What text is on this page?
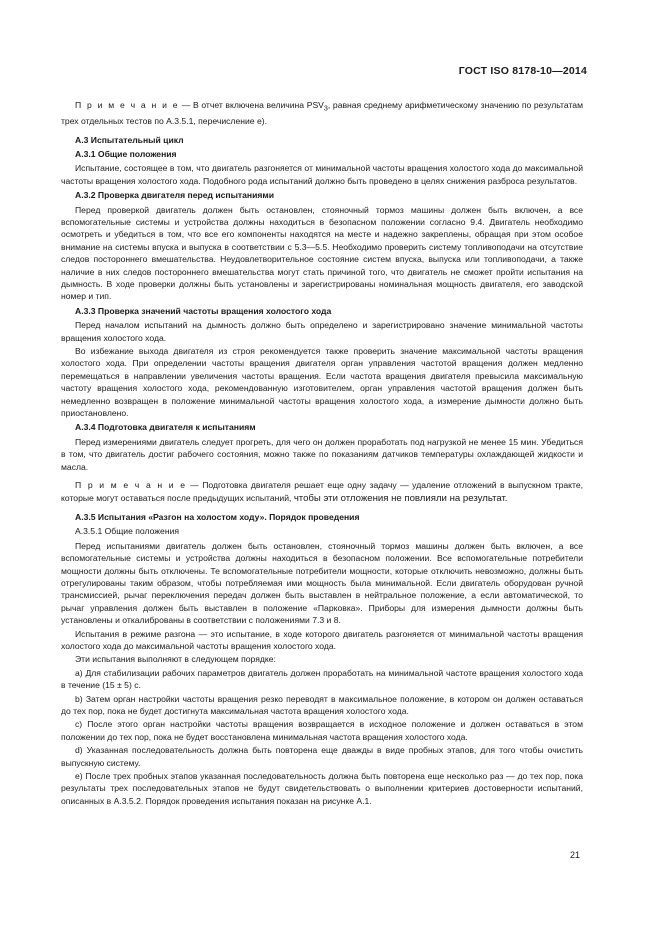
ГОСТ ISO 8178-10—2014

П р и м е ч а н и е — В отчет включена величина $PSV_3$, равная среднему арифметическому значению по результатам трех отдельных тестов по А.3.5.1, перечисление е).

А.3 Испытательный цикл

А.3.1 Общие положения

Испытание, состоящее в том, что двигатель разгоняется от минимальной частоты вращения холостого хода до максимальной частоты вращения холостого хода. Подобного рода испытаний должно быть проведено в целях снижения разброса результатов.

А.3.2 Проверка двигателя перед испытаниями

Перед проверкой двигатель должен быть остановлен, стояночный тормоз машины должен быть включен, а все вспомогательные системы и устройства должны находиться в безопасном положении согласно 9.4. Двигатель необходимо осмотреть и убедиться в том, что все его компоненты находятся на месте и надежно закреплены, обращая при этом особое внимание на системы впуска и выпуска в соответствии с 5.3—5.5. Необходимо проверить систему топливоподачи на отсутствие следов постороннего вмешательства. Неудовлетворительное состояние систем впуска, выпуска или топливоподачи, а также наличие в них следов постороннего вмешательства могут стать причиной того, что двигатель не сможет пройти испытания на дымность. В ходе проверки должны быть установлены и зарегистрированы номинальная мощность двигателя, его заводской номер и тип.

А.3.3 Проверка значений частоты вращения холостого хода

Перед началом испытаний на дымность должно быть определено и зарегистрировано значение минимальной частоты вращения холостого хода.

Во избежание выхода двигателя из строя рекомендуется также проверить значение максимальной частоты вращения холостого хода. При определении частоты вращения двигателя орган управления частотой вращения должен медленно перемещаться в направлении увеличения частоты вращения. Если частота вращения двигателя превысила максимальную частоту вращения холостого хода, рекомендованную изготовителем, орган управления частотой вращения должен быть немедленно возвращен в положение минимальной частоты вращения холостого хода, а измерение дымности должно быть приостановлено.

А.3.4 Подготовка двигателя к испытаниям

Перед измерениями двигатель следует прогреть, для чего он должен проработать под нагрузкой не менее 15 мин. Убедиться в том, что двигатель достиг рабочего состояния, можно также по показаниям датчиков температуры охлаждающей жидкости и масла.

П р и м е ч а н и е — Подготовка двигателя решает еще одну задачу — удаление отложений в выпускном тракте, которые могут оставаться после предыдущих испытаний, чтобы эти отложения не повлияли на результат.

А.3.5 Испытания «Разгон на холостом ходу». Порядок проведения

А.3.5.1 Общие положения

Перед испытаниями двигатель должен быть остановлен, стояночный тормоз машины должен быть включен, а все вспомогательные системы и устройства должны находиться в безопасном положении. Все вспомогательные потребители мощности должны быть отключены. Те вспомогательные потребители мощности, которые отключить невозможно, должны быть отрегулированы таким образом, чтобы потребляемая ими мощность была минимальной. Если двигатель оборудован ручной трансмиссией, рычаг переключения передач должен быть выставлен в нейтральное положение, а если автоматической, то рычаг управления должен быть выставлен в положение «Парковка». Приборы для измерения дымности должны быть установлены и откалиброваны в соответствии с положениями 7.3 и 8.

Испытания в режиме разгона — это испытание, в ходе которого двигатель разгоняется от минимальной частоты вращения холостого хода до максимальной частоты вращения холостого хода.

Эти испытания выполняют в следующем порядке:

а) Для стабилизации рабочих параметров двигатель должен проработать на минимальной частоте вращения холостого хода в течение (15 ± 5) с.

b) Затем орган настройки частоты вращения резко переводят в максимальное положение, в котором он должен оставаться до тех пор, пока не будет достигнута максимальная частота вращения холостого хода.

с) После этого орган настройки частоты вращения возвращается в исходное положение и должен оставаться в этом положении до тех пор, пока не будет восстановлена минимальная частота вращения холостого хода.

d) Указанная последовательность должна быть повторена еще дважды в виде пробных этапов, для того чтобы очистить выпускную систему.

е) После трех пробных этапов указанная последовательность должна быть повторена еще несколько раз — до тех пор, пока результаты трех последовательных этапов не будут свидетельствовать о выполнении критериев достоверности испытаний, описанных в А.3.5.2. Порядок проведения испытания показан на рисунке А.1.

21
